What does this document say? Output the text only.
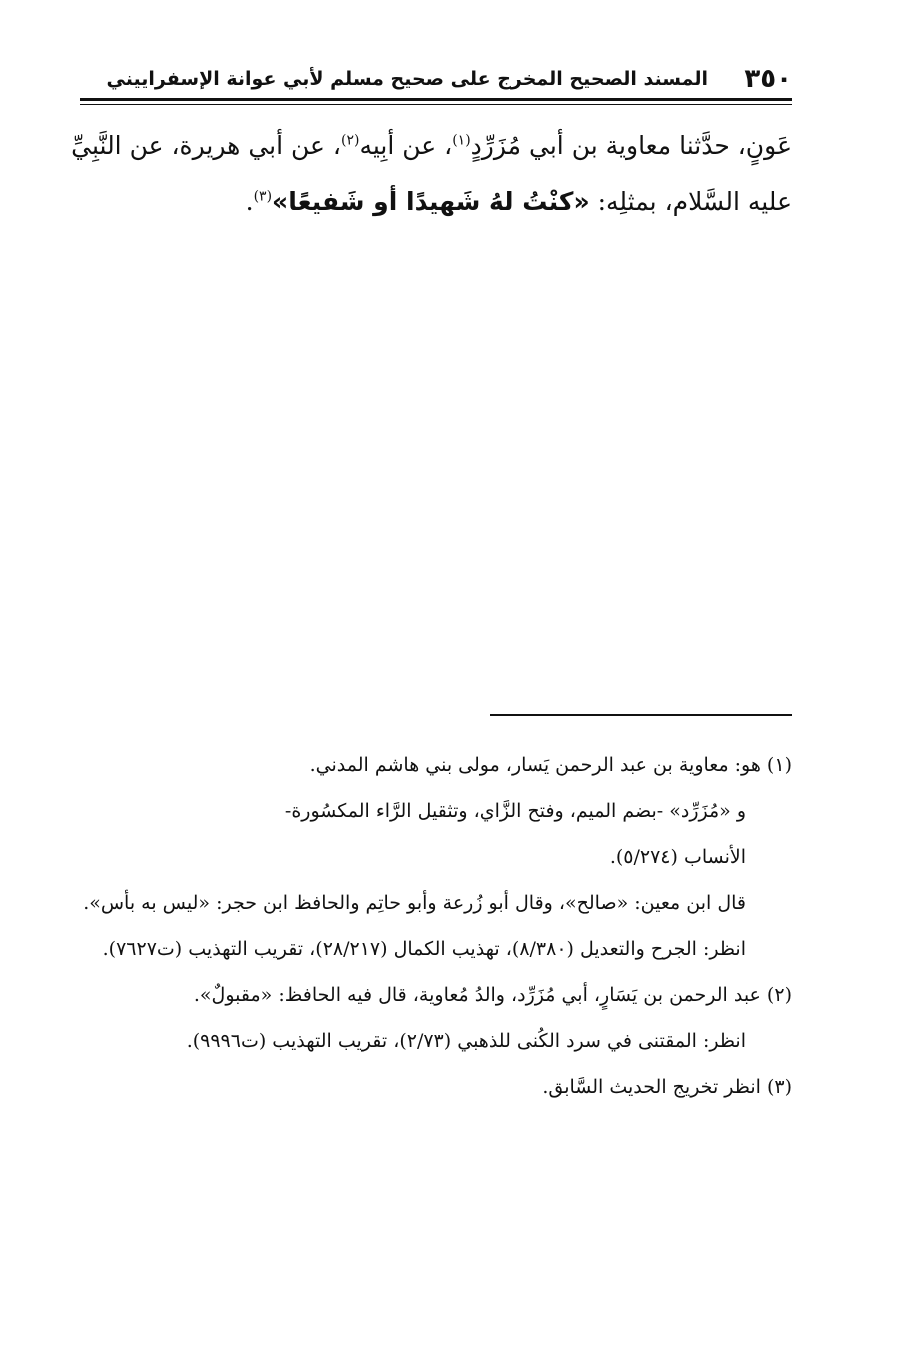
٣٥٠
المسند الصحيح المخرج على صحيح مسلم لأبي عوانة الإسفراييني

عَونٍ، حدَّثنا معاوية بن أبي مُزَرِّدٍ$^{(١)}$، عن أبِيه$^{(٢)}$، عن أبي هريرة، عن النَّبِيِّ

عليه السَّلام، بمثلِه: «كنْتُ لهُ شَهيدًا أو شَفيعًا»$^{(٣)}$.

(١) هو: معاوية بن عبد الرحمن يَسار، مولى بني هاشم المدني.

و «مُزَرِّد» -بضم الميم، وفتح الزَّاي، وتثقيل الرَّاء المكسُورة-

الأنساب (٥/٢٧٤).

قال ابن معين: «صالح»، وقال أبو زُرعة وأبو حاتِم والحافظ ابن حجر: «ليس به بأس».

انظر: الجرح والتعديل (٨/٣٨٠)، تهذيب الكمال (٢٨/٢١٧)، تقريب التهذيب (ت٧٦٢٧).

(٢) عبد الرحمن بن يَسَارٍ، أبي مُزَرِّد، والدُ مُعاوية، قال فيه الحافظ: «مقبولٌ».

انظر: المقتنى في سرد الكُنى للذهبي (٢/٧٣)، تقريب التهذيب (ت٩٩٩٦).

(٣) انظر تخريج الحديث السَّابق.
